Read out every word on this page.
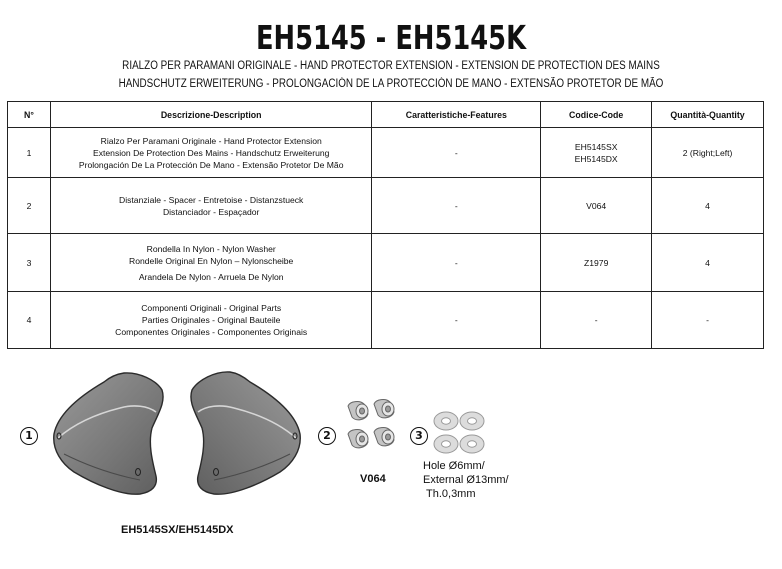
EH5145 - EH5145K
RIALZO PER PARAMANI ORIGINALE - HAND PROTECTOR EXTENSION - EXTENSION DE PROTECTION DES MAINS
HANDSCHUTZ ERWEITERUNG - PROLONGACIÓN DE LA PROTECCIÓN DE MANO - EXTENSÃO PROTETOR DE MÃO
N°	Descrizione-Description	Caratteristiche-Features	Codice-Code	Quantità-Quantity
1	Rialzo Per Paramani Originale - Hand Protector Extension
Extension De Protection Des Mains - Handschutz Erweiterung
Prolongación De La Protección De Mano - Extensão Protetor De Mão	-	EH5145SX
EH5145DX	2 (Right;Left)
2	Distanziale - Spacer - Entretoise - Distanzstueck
Distanciador - Espaçador	-	V064	4
3	Rondella In Nylon - Nylon Washer
Rondelle Original En Nylon – Nylonscheibe
Arandela De Nylon - Arruela De Nylon	-	Z1979	4
4	Componenti Originali - Original Parts
Parties Originales - Original Bauteile
Componentes Originales - Componentes Originais	-	-	-
1
EH5145SX/EH5145DX
2
V064
3
Hole Ø6mm/
External Ø13mm/
Th.0,3mm
